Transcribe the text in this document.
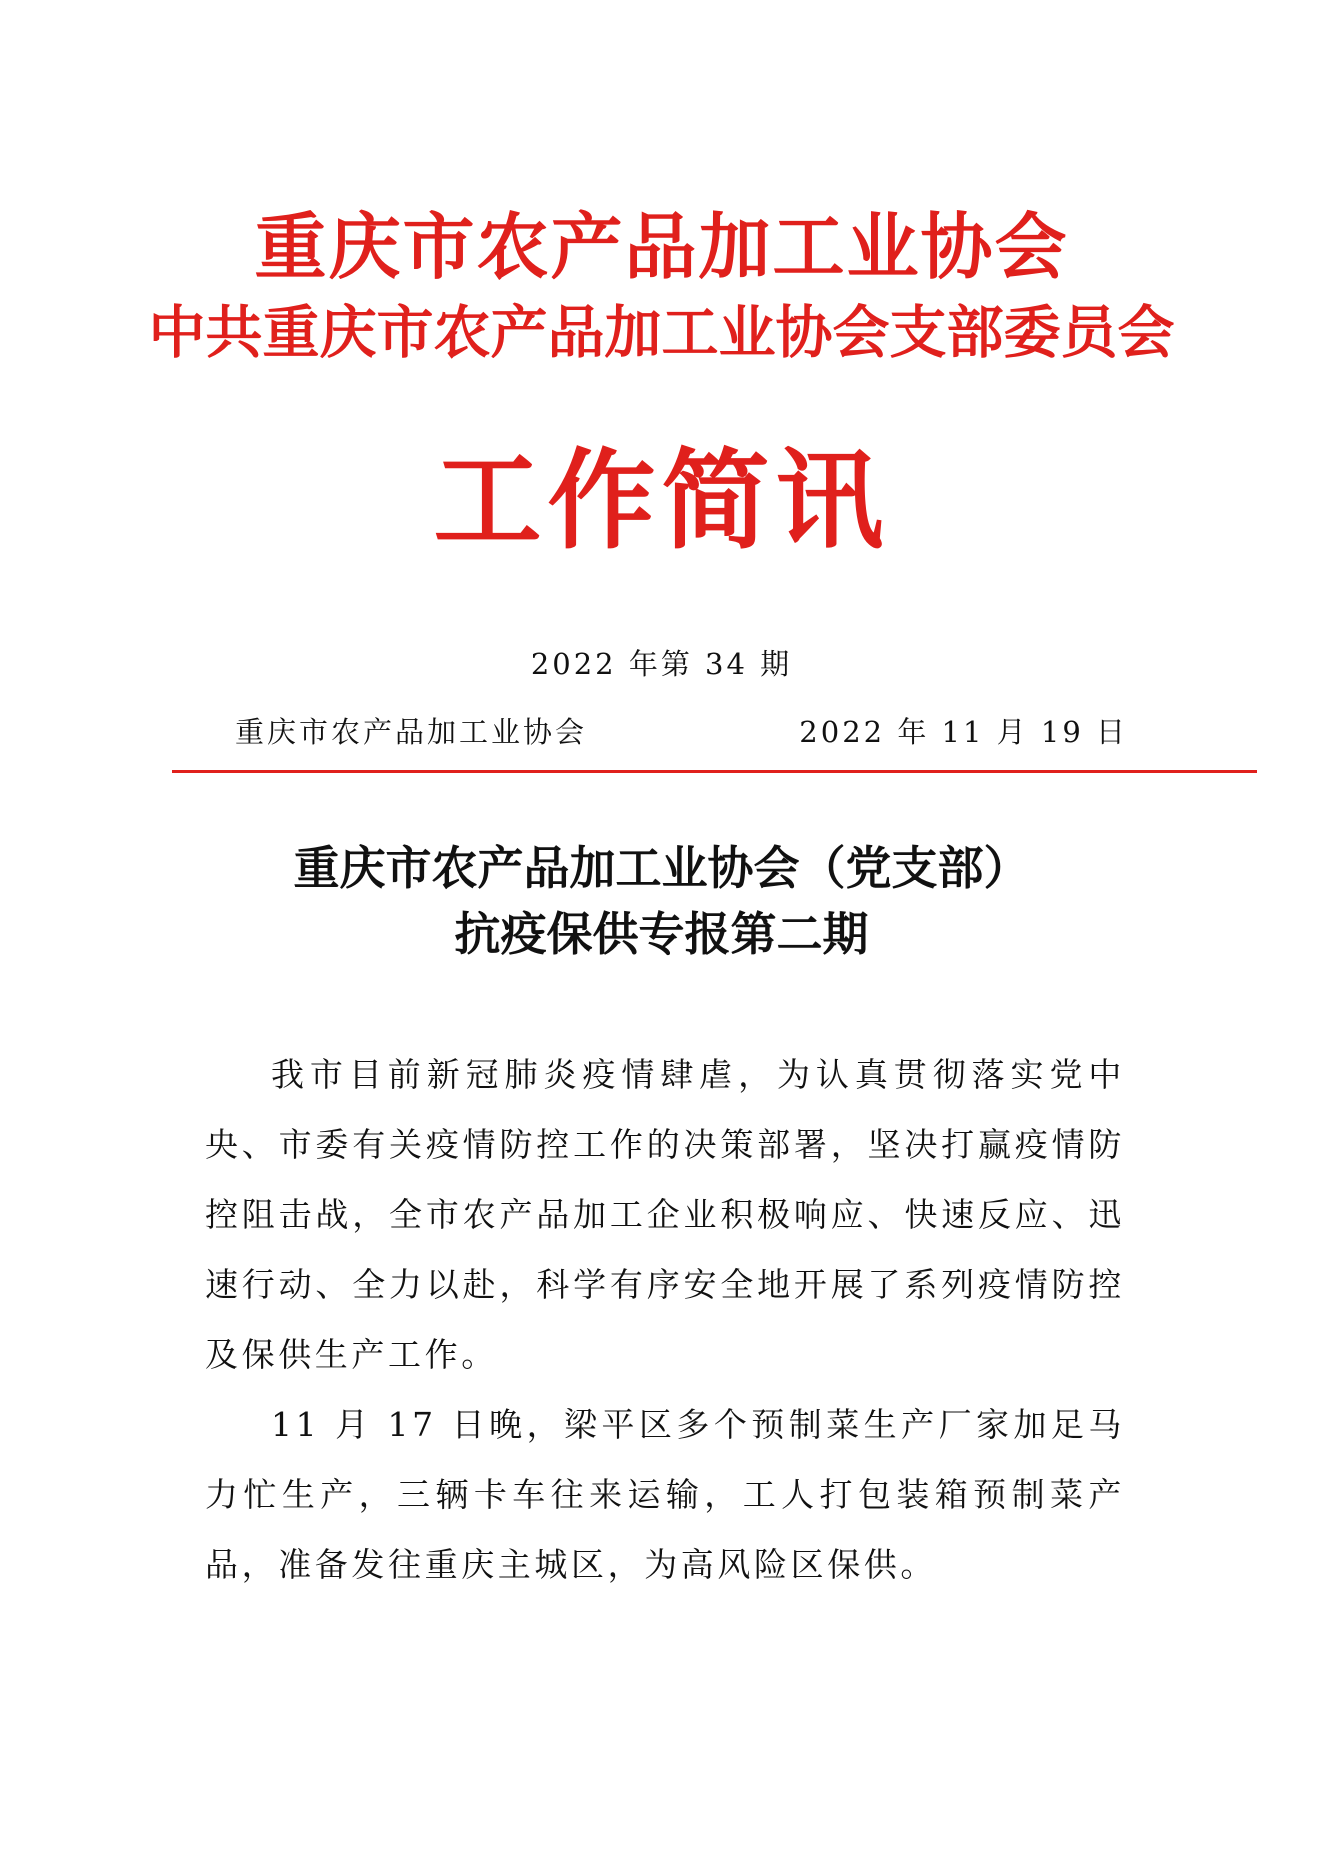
重庆市农产品加工业协会
中共重庆市农产品加工业协会支部委员会
工作简讯
2022 年第 34 期
重庆市农产品加工业协会	2022 年 11 月 19 日
重庆市农产品加工业协会（党支部）
抗疫保供专报第二期

我市目前新冠肺炎疫情肆虐，为认真贯彻落实党中央、市委有关疫情防控工作的决策部署，坚决打赢疫情防控阻击战，全市农产品加工企业积极响应、快速反应、迅速行动、全力以赴，科学有序安全地开展了系列疫情防控及保供生产工作。

11 月 17 日晚，梁平区多个预制菜生产厂家加足马力忙生产，三辆卡车往来运输，工人打包装箱预制菜产品，准备发往重庆主城区，为高风险区保供。
